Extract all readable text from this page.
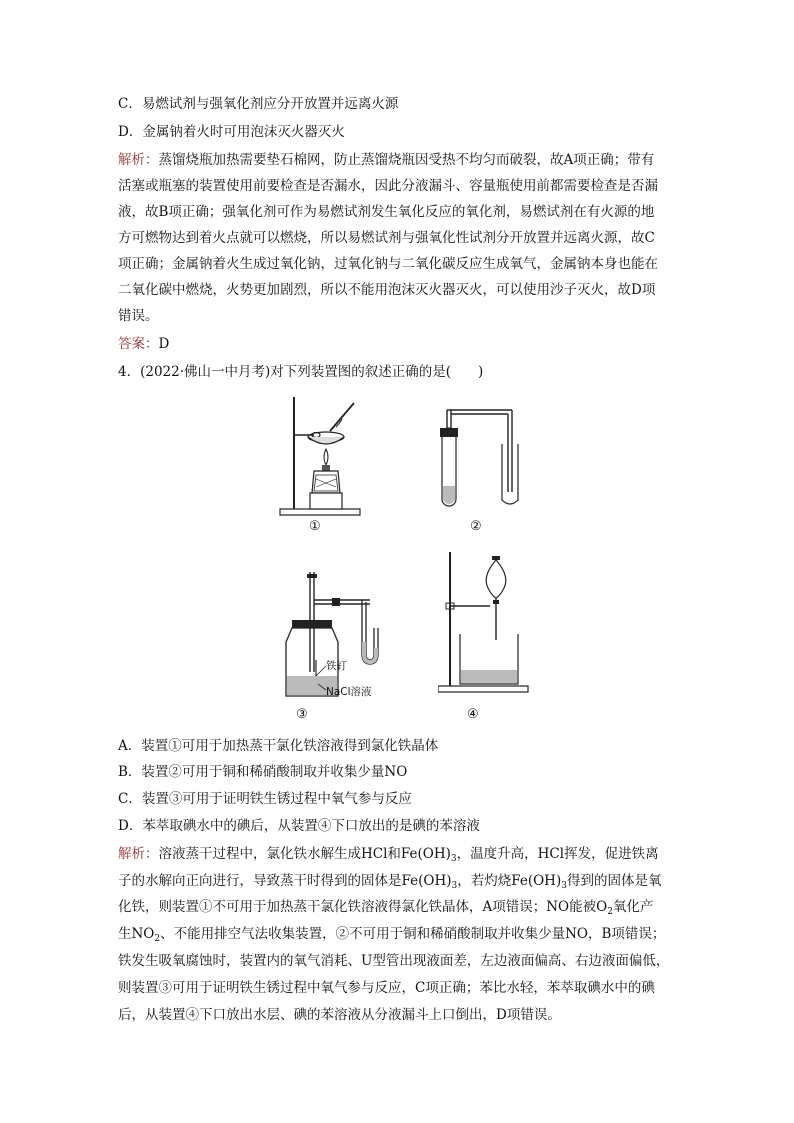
C．易燃试剂与强氧化剂应分开放置并远离火源
D．金属钠着火时可用泡沫灭火器灭火
解析：蒸馏烧瓶加热需要垫石棉网，防止蒸馏烧瓶因受热不均匀而破裂，故A项正确；带有
活塞或瓶塞的装置使用前要检查是否漏水，因此分液漏斗、容量瓶使用前都需要检查是否漏
液，故B项正确；强氧化剂可作为易燃试剂发生氧化反应的氧化剂，易燃试剂在有火源的地
方可燃物达到着火点就可以燃烧，所以易燃试剂与强氧化性试剂分开放置并远离火源，故C
项正确；金属钠着火生成过氧化钠，过氧化钠与二氧化碳反应生成氧气，金属钠本身也能在
二氧化碳中燃烧，火势更加剧烈，所以不能用泡沫灭火器灭火，可以使用沙子灭火，故D项
错误。
答案：D
4．(2022·佛山一中月考)对下列装置图的叙述正确的是(　　)
①	②
铁钉
NaCl溶液
③	④
A．装置①可用于加热蒸干氯化铁溶液得到氯化铁晶体
B．装置②可用于铜和稀硝酸制取并收集少量NO
C．装置③可用于证明铁生锈过程中氧气参与反应
D．苯萃取碘水中的碘后，从装置④下口放出的是碘的苯溶液
解析：溶液蒸干过程中，氯化铁水解生成HCl和$Fe(OH)_3$，温度升高，HCl挥发，促进铁离
子的水解向正向进行，导致蒸干时得到的固体是$Fe(OH)_3$，若灼烧$Fe(OH)_3$得到的固体是氧
化铁，则装置①不可用于加热蒸干氯化铁溶液得氯化铁晶体，A项错误；NO能被$O_2$氧化产
生$NO_2$、不能用排空气法收集装置，②不可用于铜和稀硝酸制取并收集少量NO，B项错误；
铁发生吸氧腐蚀时，装置内的氧气消耗、U型管出现液面差，左边液面偏高、右边液面偏低，
则装置③可用于证明铁生锈过程中氧气参与反应，C项正确；苯比水轻，苯萃取碘水中的碘
后，从装置④下口放出水层、碘的苯溶液从分液漏斗上口倒出，D项错误。
